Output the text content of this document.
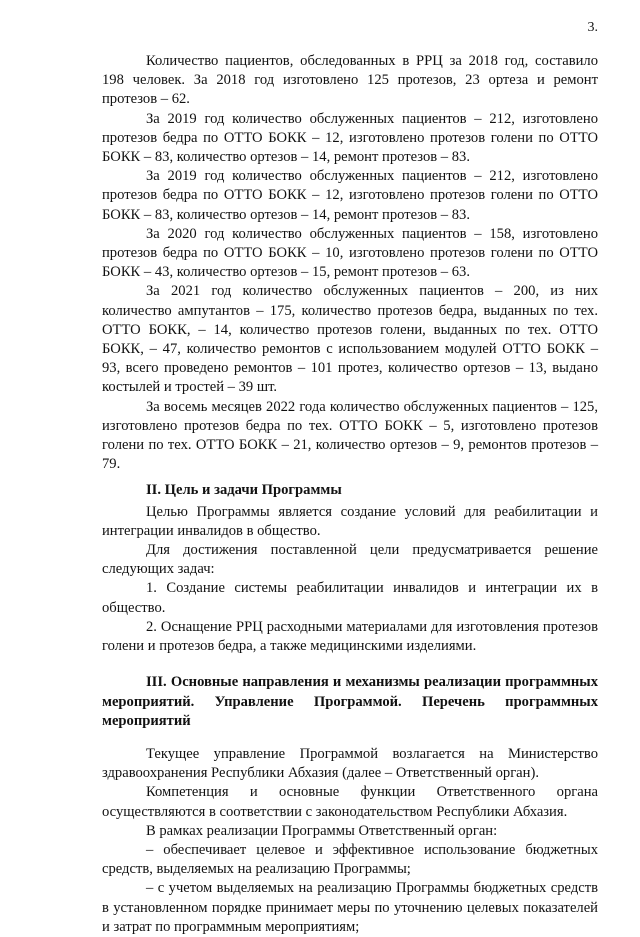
3.

Количество пациентов, обследованных в РРЦ за 2018 год, составило 198 человек. За 2018 год изготовлено 125 протезов, 23 ортеза и ремонт протезов – 62.

За 2019 год количество обслуженных пациентов – 212, изготовлено протезов бедра по ОТТО БОКК – 12, изготовлено протезов голени по ОТТО БОКК – 83, количество ортезов – 14, ремонт протезов – 83.

За 2019 год количество обслуженных пациентов – 212, изготовлено протезов бедра по ОТТО БОКК – 12, изготовлено протезов голени по ОТТО БОКК – 83, количество ортезов – 14, ремонт протезов – 83.

За 2020 год количество обслуженных пациентов – 158, изготовлено протезов бедра по ОТТО БОКК – 10, изготовлено протезов голени по ОТТО БОКК – 43, количество ортезов – 15, ремонт протезов – 63.

За 2021 год количество обслуженных пациентов – 200, из них количество ампутантов – 175, количество протезов бедра, выданных по тех. ОТТО БОКК, – 14, количество протезов голени, выданных по тех. ОТТО БОКК, – 47, количество ремонтов с использованием модулей ОТТО БОКК – 93, всего проведено ремонтов – 101 протез, количество ортезов – 13, выдано костылей и тростей – 39 шт.

За восемь месяцев 2022 года количество обслуженных пациентов – 125, изготовлено протезов бедра по тех. ОТТО БОКК – 5, изготовлено протезов голени по тех. ОТТО БОКК – 21, количество ортезов – 9, ремонтов протезов – 79.

II. Цель и задачи Программы

Целью Программы является создание условий для реабилитации и интеграции инвалидов в общество.

Для достижения поставленной цели предусматривается решение следующих задач:

1. Создание системы реабилитации инвалидов и интеграции их в общество.

2. Оснащение РРЦ расходными материалами для изготовления протезов голени и протезов бедра, а также медицинскими изделиями.

III. Основные направления и механизмы реализации программных мероприятий. Управление Программой. Перечень программных мероприятий

Текущее управление Программой возлагается на Министерство здравоохранения Республики Абхазия (далее – Ответственный орган).

Компетенция и основные функции Ответственного органа осуществляются в соответствии с законодательством Республики Абхазия.

В рамках реализации Программы Ответственный орган:

– обеспечивает целевое и эффективное использование бюджетных средств, выделяемых на реализацию Программы;

– с учетом выделяемых на реализацию Программы бюджетных средств в установленном порядке принимает меры по уточнению целевых показателей и затрат по программным мероприятиям;
